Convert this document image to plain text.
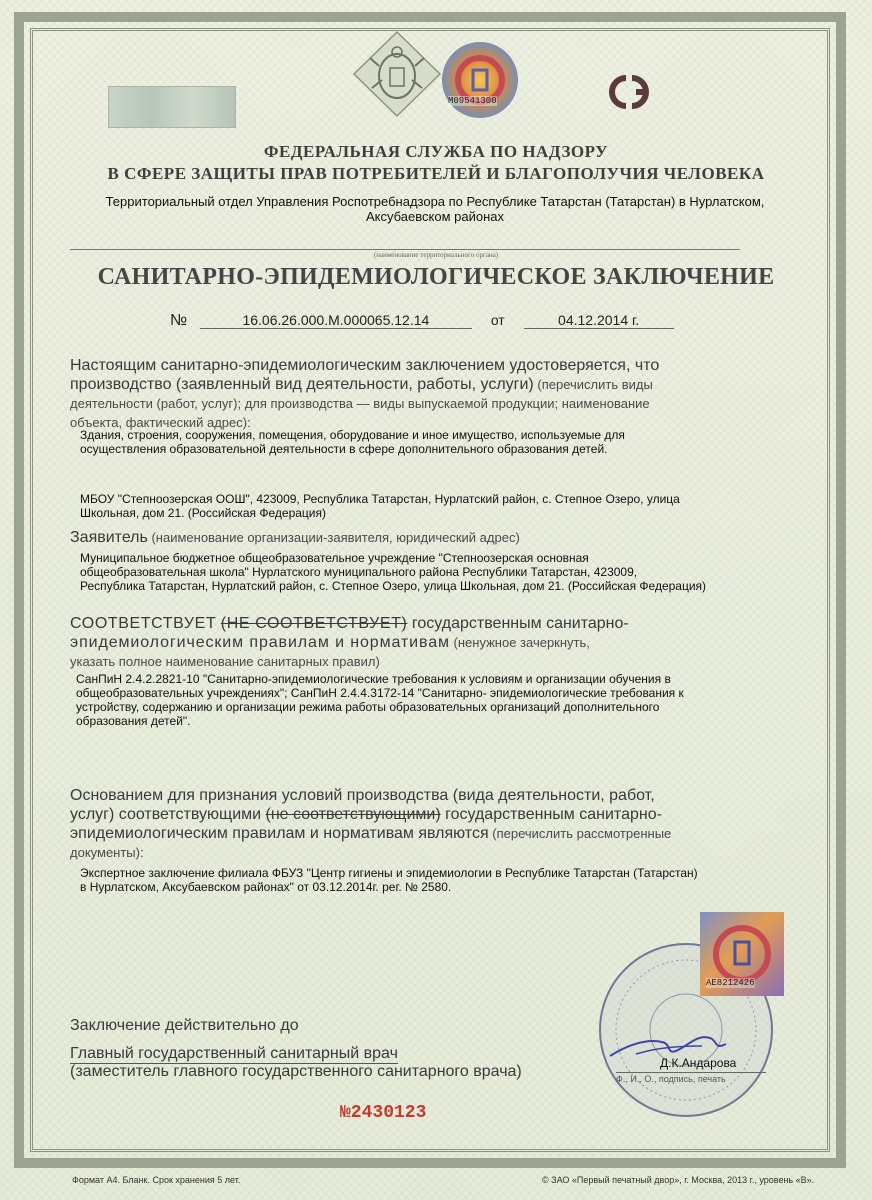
М09541300
ФЕДЕРАЛЬНАЯ СЛУЖБА ПО НАДЗОРУ
В СФЕРЕ ЗАЩИТЫ ПРАВ ПОТРЕБИТЕЛЕЙ И БЛАГОПОЛУЧИЯ ЧЕЛОВЕКА
Территориальный отдел Управления Роспотребнадзора по Республике Татарстан (Татарстан) в Нурлатском,
Аксубаевском районах
(наименование территориального органа)
САНИТАРНО-ЭПИДЕМИОЛОГИЧЕСКОЕ ЗАКЛЮЧЕНИЕ
№	16.06.26.000.М.000065.12.14	от	04.12.2014 г.
Настоящим санитарно-эпидемиологическим заключением удостоверяется, что
производство (заявленный вид деятельности, работы, услуги) (перечислить виды
деятельности (работ, услуг); для производства — виды выпускаемой продукции; наименование
объекта, фактический адрес):
Здания, строения, сооружения, помещения, оборудование и иное имущество, используемые для
осуществления образовательной деятельности в сфере дополнительного образования детей.
МБОУ "Степноозерская ООШ", 423009, Республика Татарстан, Нурлатский район, с. Степное Озеро, улица
Школьная, дом 21. (Российская Федерация)
Заявитель (наименование организации-заявителя, юридический адрес)
Муниципальное бюджетное общеобразовательное учреждение "Степноозерская основная
общеобразовательная школа" Нурлатского муниципального района Республики Татарстан, 423009,
Республика Татарстан, Нурлатский район, с. Степное Озеро, улица Школьная, дом 21. (Российская Федерация)
СООТВЕТСТВУЕТ (НЕ СООТВЕТСТВУЕТ) государственным санитарно-
эпидемиологическим правилам и нормативам (ненужное зачеркнуть,
указать полное наименование санитарных правил)
СанПиН 2.4.2.2821-10 "Санитарно-эпидемиологические требования к условиям и организации обучения в
общеобразовательных учреждениях"; СанПиН 2.4.4.3172-14 "Санитарно- эпидемиологические требования к
устройству, содержанию и организации режима работы образовательных организаций дополнительного
образования детей".
Основанием для признания условий производства (вида деятельности, работ,
услуг) соответствующими (не соответствующими) государственным санитарно-
эпидемиологическим правилам и нормативам являются (перечислить рассмотренные
документы):
Экспертное заключение филиала ФБУЗ "Центр гигиены и эпидемиологии в Республике Татарстан (Татарстан)
в Нурлатском, Аксубаевском районах" от 03.12.2014г. рег. № 2580.
АЕ8212426
Заключение действительно до
Главный государственный санитарный врач
(заместитель главного государственного санитарного врача)	Д.К.Андарова
Ф., И., О., подпись, печать
№2430123
Формат А4. Бланк. Срок хранения 5 лет.	© ЗАО «Первый печатный двор», г. Москва, 2013 г., уровень «В».
